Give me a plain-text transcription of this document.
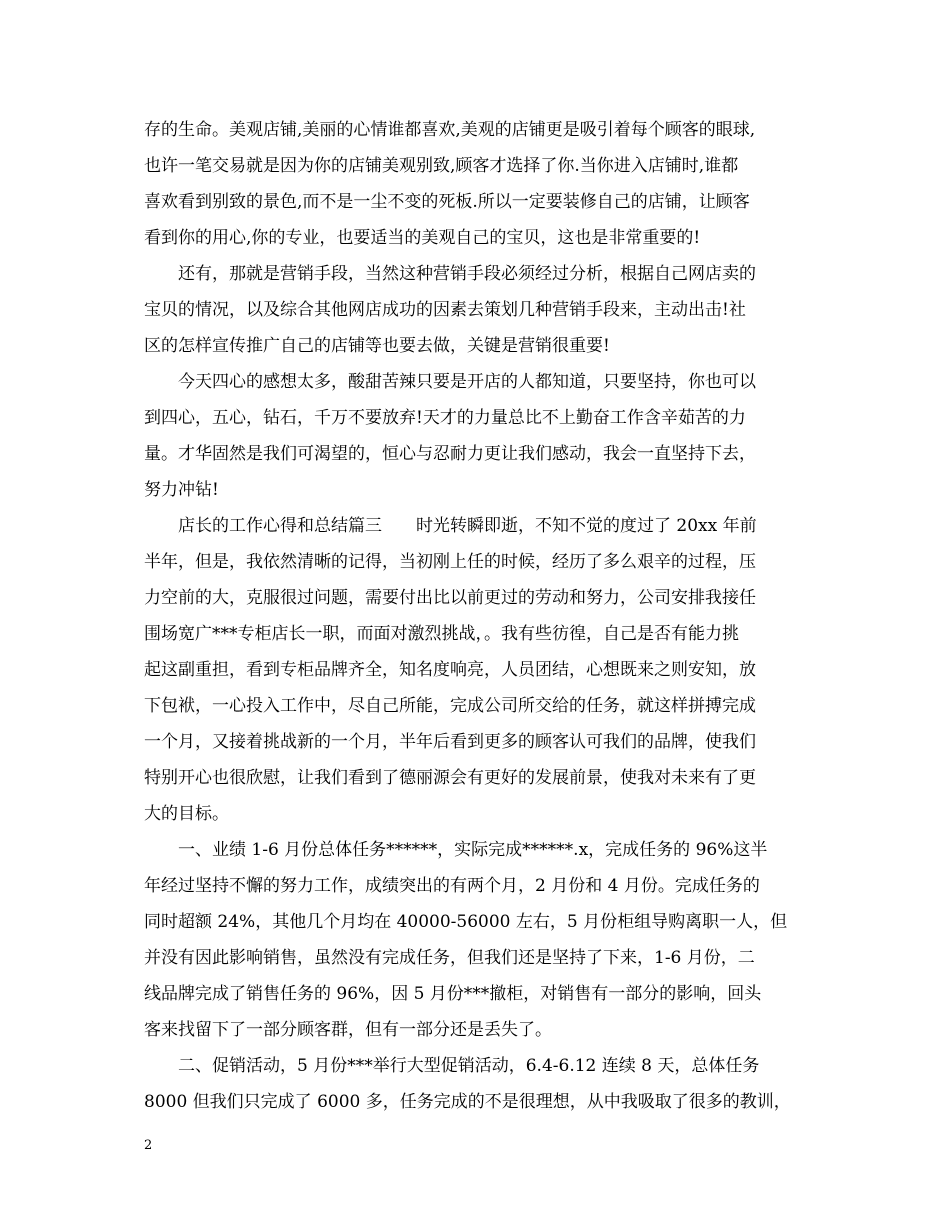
存的生命。美观店铺,美丽的心情谁都喜欢,美观的店铺更是吸引着每个顾客的眼球,
也许一笔交易就是因为你的店铺美观别致,顾客才选择了你.当你进入店铺时,谁都
喜欢看到别致的景色,而不是一尘不变的死板.所以一定要装修自己的店铺，让顾客
看到你的用心,你的专业，也要适当的美观自己的宝贝，这也是非常重要的!
还有，那就是营销手段，当然这种营销手段必须经过分析，根据自己网店卖的
宝贝的情况，以及综合其他网店成功的因素去策划几种营销手段来，主动出击!社
区的怎样宣传推广自己的店铺等也要去做，关键是营销很重要!
今天四心的感想太多，酸甜苦辣只要是开店的人都知道，只要坚持，你也可以
到四心，五心，钻石，千万不要放弃!天才的力量总比不上勤奋工作含辛茹苦的力
量。才华固然是我们可渴望的，恒心与忍耐力更让我们感动，我会一直坚持下去，
努力冲钻!
店长的工作心得和总结篇三　　时光转瞬即逝，不知不觉的度过了 20xx 年前
半年，但是，我依然清晰的记得，当初刚上任的时候，经历了多么艰辛的过程，压
力空前的大，克服很过问题，需要付出比以前更过的劳动和努力，公司安排我接任
围场宽广***专柜店长一职，而面对激烈挑战，。我有些彷徨，自己是否有能力挑
起这副重担，看到专柜品牌齐全，知名度响亮，人员团结，心想既来之则安知，放
下包袱，一心投入工作中，尽自己所能，完成公司所交给的任务，就这样拼搏完成
一个月，又接着挑战新的一个月，半年后看到更多的顾客认可我们的品牌，使我们
特别开心也很欣慰，让我们看到了德丽源会有更好的发展前景，使我对未来有了更
大的目标。
一、业绩 1-6 月份总体任务******，实际完成******.x，完成任务的 96%这半
年经过坚持不懈的努力工作，成绩突出的有两个月，2 月份和 4 月份。完成任务的
同时超额 24%，其他几个月均在 40000-56000 左右，5 月份柜组导购离职一人，但
并没有因此影响销售，虽然没有完成任务，但我们还是坚持了下来，1-6 月份，二
线品牌完成了销售任务的 96%，因 5 月份***撤柜，对销售有一部分的影响，回头
客来找留下了一部分顾客群，但有一部分还是丢失了。
二、促销活动，5 月份***举行大型促销活动，6.4-6.12 连续 8 天，总体任务
8000 但我们只完成了 6000 多，任务完成的不是很理想，从中我吸取了很多的教训，
2
